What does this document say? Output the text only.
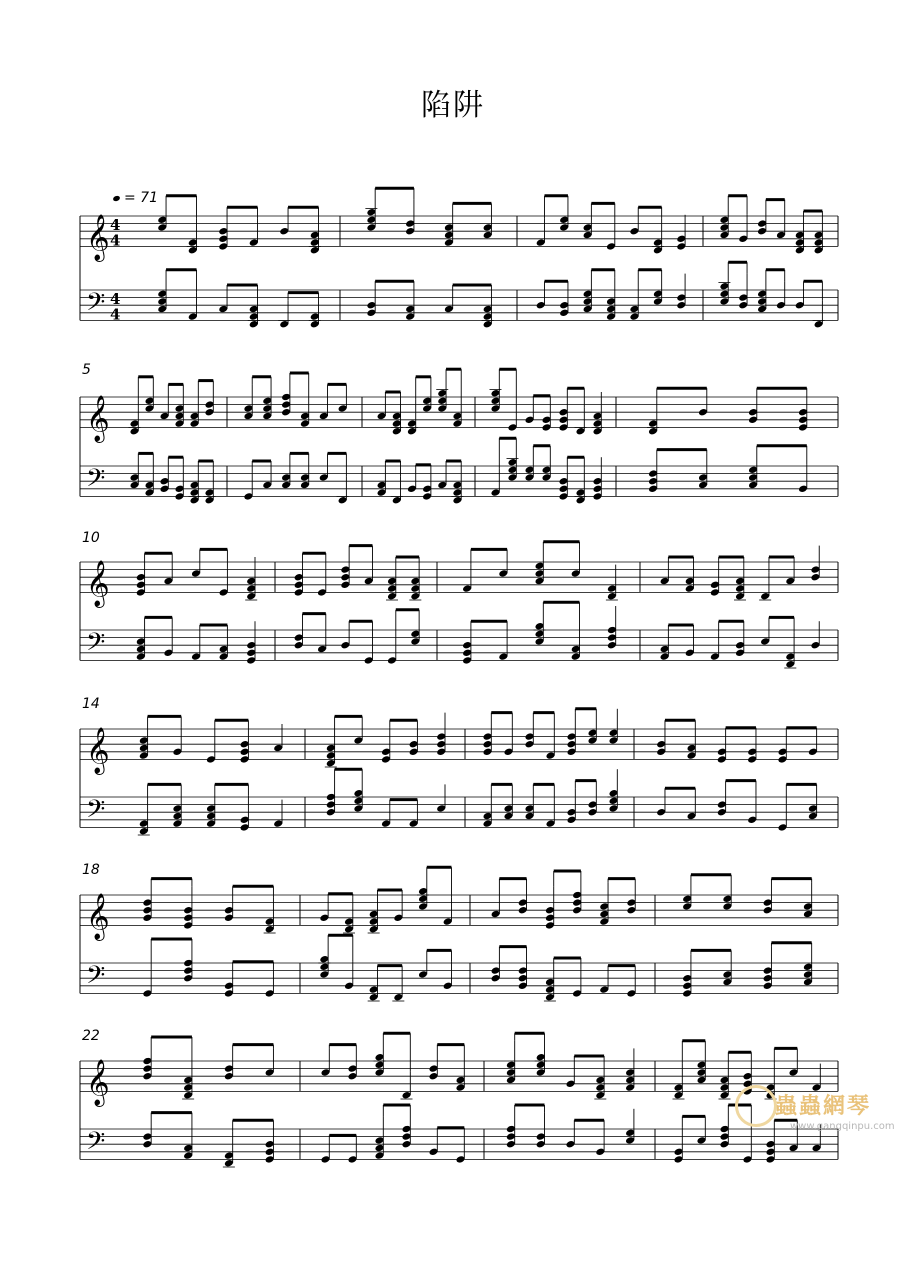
陷阱
= 71
5
10
14
18
22
𝄞 4
4
𝄢 4
4
𝄞
𝄢
𝄞
𝄢
𝄞
𝄢
𝄞
𝄢
𝄞
𝄢
蟲蟲網琴
www.gangqinpu.com
